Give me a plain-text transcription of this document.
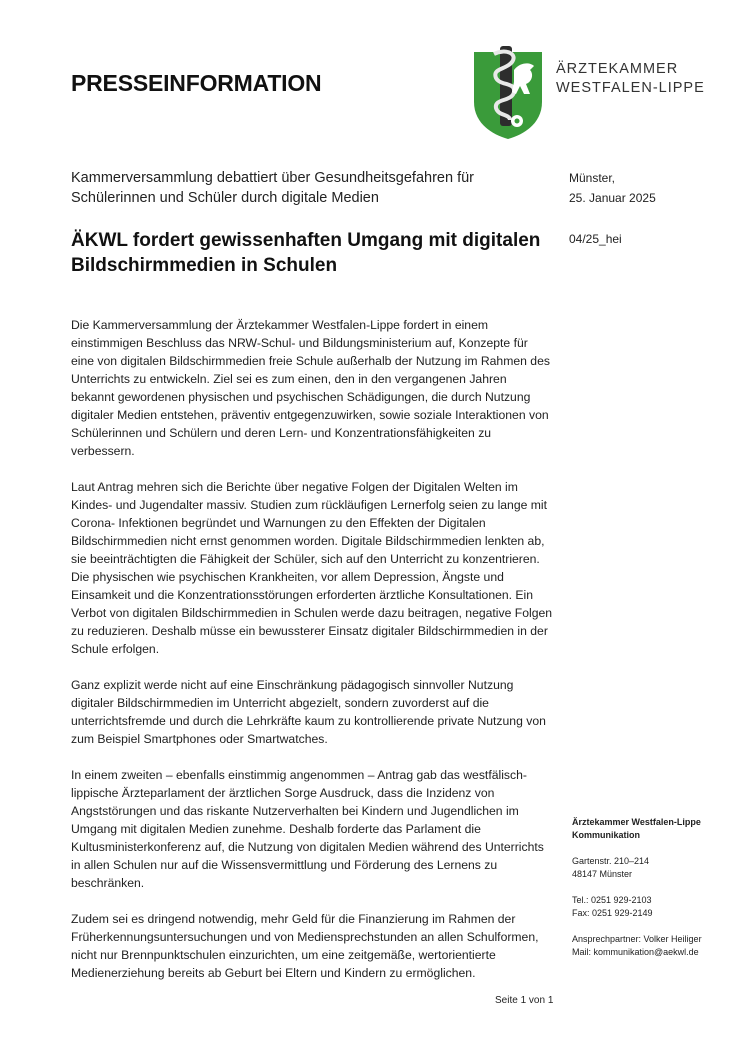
PRESSEINFORMATION
ÄRZTEKAMMER
WESTFALEN-LIPPE
Kammerversammlung debattiert über Gesundheitsgefahren für Schülerinnen und Schüler durch digitale Medien
ÄKWL fordert gewissenhaften Umgang mit digitalen Bildschirmmedien in Schulen
Münster,
25. Januar 2025
04/25_hei

Die Kammerversammlung der Ärztekammer Westfalen-Lippe fordert in einem einstimmigen Beschluss das NRW-Schul- und Bildungsministerium auf, Konzepte für eine von digitalen Bildschirmmedien freie Schule außerhalb der Nutzung im Rahmen des Unterrichts zu entwickeln. Ziel sei es zum einen, den in den vergangenen Jahren bekannt gewordenen physischen und psychischen Schädigungen, die durch Nutzung digitaler Medien entstehen, präventiv entgegenzuwirken, sowie soziale Interaktionen von Schülerinnen und Schülern und deren Lern- und Konzentrationsfähigkeiten zu verbessern.

Laut Antrag mehren sich die Berichte über negative Folgen der Digitalen Welten im Kindes- und Jugendalter massiv. Studien zum rückläufigen Lernerfolg seien zu lange mit Corona- Infektionen begründet und Warnungen zu den Effekten der Digitalen Bildschirmmedien nicht ernst genommen worden. Digitale Bildschirmmedien lenkten ab, sie beeinträchtigten die Fähigkeit der Schüler, sich auf den Unterricht zu konzentrieren. Die physischen wie psychischen Krankheiten, vor allem Depression, Ängste und Einsamkeit und die Konzentrationsstörungen erforderten ärztliche Konsultationen. Ein Verbot von digitalen Bildschirmmedien in Schulen werde dazu beitragen, negative Folgen zu reduzieren. Deshalb müsse ein bewussterer Einsatz digitaler Bildschirmmedien in der Schule erfolgen.

Ganz explizit werde nicht auf eine Einschränkung pädagogisch sinnvoller Nutzung digitaler Bildschirmmedien im Unterricht abgezielt, sondern zuvorderst auf die unterrichtsfremde und durch die Lehrkräfte kaum zu kontrollierende private Nutzung von zum Beispiel Smartphones oder Smartwatches.

In einem zweiten – ebenfalls einstimmig angenommen – Antrag gab das westfälisch-lippische Ärzteparlament der ärztlichen Sorge Ausdruck, dass die Inzidenz von Angststörungen und das riskante Nutzerverhalten bei Kindern und Jugendlichen im Umgang mit digitalen Medien zunehme. Deshalb forderte das Parlament die Kultusministerkonferenz auf, die Nutzung von digitalen Medien während des Unterrichts in allen Schulen nur auf die Wissensvermittlung und Förderung des Lernens zu beschränken.

Zudem sei es dringend notwendig, mehr Geld für die Finanzierung im Rahmen der Früherkennungsuntersuchungen und von Mediensprechstunden an allen Schulformen, nicht nur Brennpunktschulen einzurichten, um eine zeitgemäße, wertorientierte Medienerziehung bereits ab Geburt bei Eltern und Kindern zu ermöglichen.

Ärztekammer Westfalen-Lippe
Kommunikation
Gartenstr. 210–214
48147 Münster
Tel.: 0251 929-2103
Fax: 0251 929-2149
Ansprechpartner: Volker Heiliger
Mail: kommunikation@aekwl.de
Seite 1 von 1
